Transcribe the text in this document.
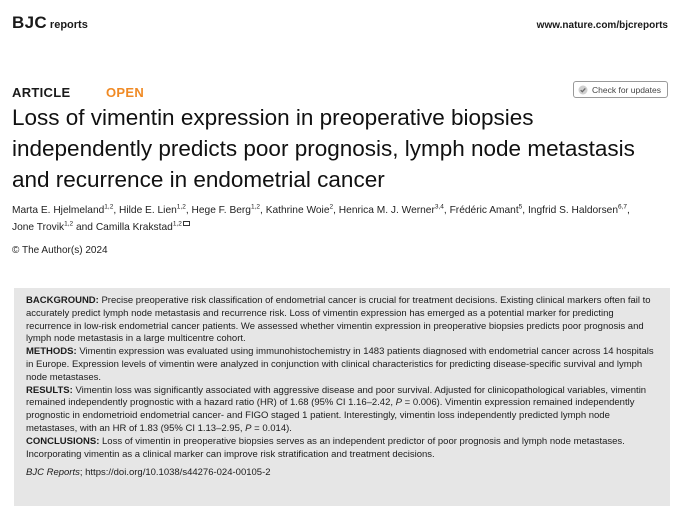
BJC reports	www.nature.com/bjcreports
ARTICLE	OPEN	Check for updates
Loss of vimentin expression in preoperative biopsies independently predicts poor prognosis, lymph node metastasis and recurrence in endometrial cancer
Marta E. Hjelmeland$^{1,2}$, Hilde E. Lien$^{1,2}$, Hege F. Berg$^{1,2}$, Kathrine Woie$^2$, Henrica M. J. Werner$^{3,4}$, Frédéric Amant$^5$, Ingfrid S. Haldorsen$^{6,7}$,
Jone Trovik$^{1,2}$ and Camilla Krakstad$^{1,2}$
© The Author(s) 2024

BACKGROUND: Precise preoperative risk classification of endometrial cancer is crucial for treatment decisions. Existing clinical markers often fail to accurately predict lymph node metastasis and recurrence risk. Loss of vimentin expression has emerged as a potential marker for predicting recurrence in low-risk endometrial cancer patients. We assessed whether vimentin expression in preoperative biopsies predicts poor prognosis and lymph node metastasis in a large multicentre cohort.

METHODS: Vimentin expression was evaluated using immunohistochemistry in 1483 patients diagnosed with endometrial cancer across 14 hospitals in Europe. Expression levels of vimentin were analyzed in conjunction with clinical characteristics for predicting disease-specific survival and lymph node metastases.

RESULTS: Vimentin loss was significantly associated with aggressive disease and poor survival. Adjusted for clinicopathological variables, vimentin remained independently prognostic with a hazard ratio (HR) of 1.68 (95% CI 1.16–2.42, P = 0.006). Vimentin expression remained independently prognostic in endometrioid endometrial cancer- and FIGO staged 1 patient. Interestingly, vimentin loss independently predicted lymph node metastases, with an HR of 1.83 (95% CI 1.13–2.95, P = 0.014).

CONCLUSIONS: Loss of vimentin in preoperative biopsies serves as an independent predictor of poor prognosis and lymph node metastases. Incorporating vimentin as a clinical marker can improve risk stratification and treatment decisions.

BJC Reports; https://doi.org/10.1038/s44276-024-00105-2
